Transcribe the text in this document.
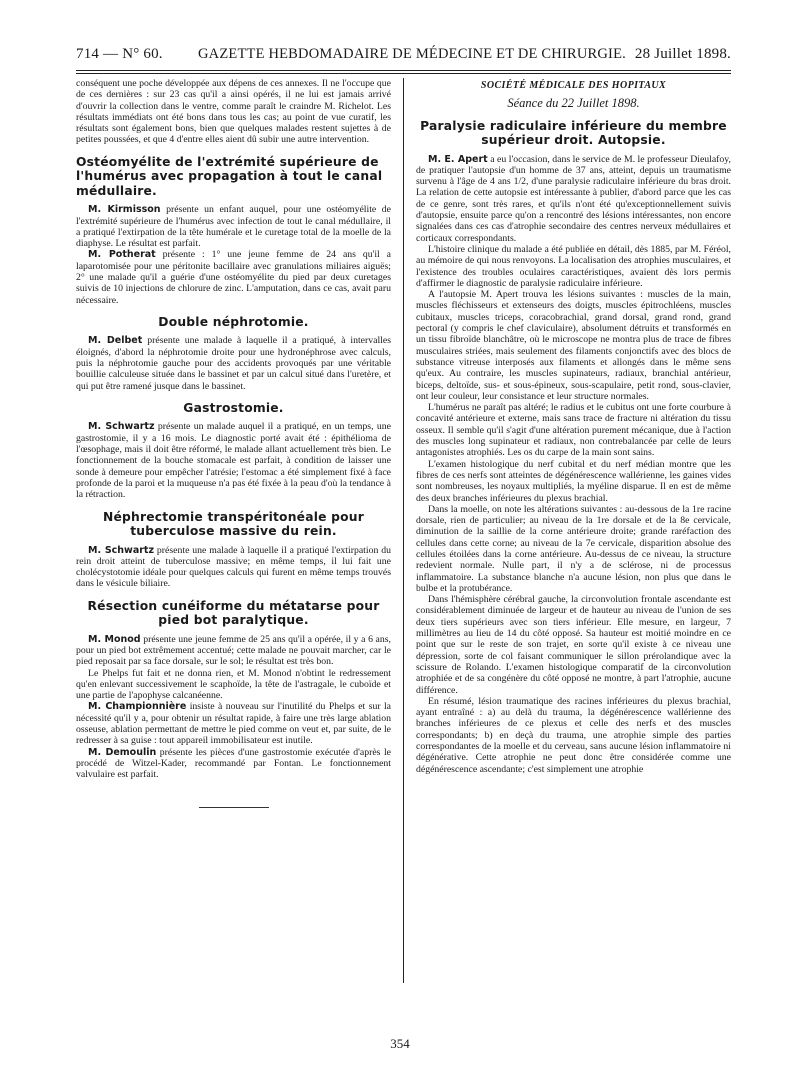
714 — N° 60. GAZETTE HEBDOMADAIRE DE MÉDECINE ET DE CHIRURGIE. 28 Juillet 1898.

conséquent une poche développée aux dépens de ces annexes. Il ne l'occupe que de ces dernières : sur 23 cas qu'il a ainsi opérés, il ne lui est jamais arrivé d'ouvrir la collection dans le ventre, comme paraît le craindre M. Richelot. Les résultats immédiats ont été bons dans tous les cas; au point de vue curatif, les résultats sont également bons, bien que quelques malades restent sujettes à de petites poussées, et que 4 d'entre elles aient dû subir une autre intervention.

Ostéomyélite de l'extrémité supérieure de l'humérus avec propagation à tout le canal médullaire.

M. Kirmisson présente un enfant auquel, pour une ostéomyélite de l'extrémité supérieure de l'humérus avec infection de tout le canal médullaire, il a pratiqué l'extirpation de la tête humérale et le curetage total de la moelle de la diaphyse. Le résultat est parfait.

M. Potherat présente : 1° une jeune femme de 24 ans qu'il a laparotomisée pour une péritonite bacillaire avec granulations miliaires aiguës; 2° une malade qu'il a guérie d'une ostéomyélite du pied par deux curetages suivis de 10 injections de chlorure de zinc. L'amputation, dans ce cas, avait paru nécessaire.

Double néphrotomie.

M. Delbet présente une malade à laquelle il a pratiqué, à intervalles éloignés, d'abord la néphrotomie droite pour une hydronéphrose avec calculs, puis la néphrotomie gauche pour des accidents provoqués par une véritable bouillie calculeuse située dans le bassinet et par un calcul situé dans l'uretère, et qui put être ramené jusque dans le bassinet.

Gastrostomie.

M. Schwartz présente un malade auquel il a pratiqué, en un temps, une gastrostomie, il y a 16 mois. Le diagnostic porté avait été : épithélioma de l'œsophage, mais il doit être réformé, le malade allant actuellement très bien. Le fonctionnement de la bouche stomacale est parfait, à condition de laisser une sonde à demeure pour empêcher l'atrésie; l'estomac a été simplement fixé à face profonde de la paroi et la muqueuse n'a pas été fixée à la peau d'où la tendance à la rétraction.

Néphrectomie transpéritonéale pour tuberculose massive du rein.

M. Schwartz présente une malade à laquelle il a pratiqué l'extirpation du rein droit atteint de tuberculose massive; en même temps, il lui fait une cholécystotomie idéale pour quelques calculs qui furent en même temps trouvés dans le vésicule biliaire.

Résection cunéiforme du métatarse pour pied bot paralytique.

M. Monod présente une jeune femme de 25 ans qu'il a opérée, il y a 6 ans, pour un pied bot extrêmement accentué; cette malade ne pouvait marcher, car le pied reposait par sa face dorsale, sur le sol; le résultat est très bon.

Le Phelps fut fait et ne donna rien, et M. Monod n'obtint le redressement qu'en enlevant successivement le scaphoïde, la tête de l'astragale, le cuboïde et une partie de l'apophyse calcanéenne.

M. Championnière insiste à nouveau sur l'inutilité du Phelps et sur la nécessité qu'il y a, pour obtenir un résultat rapide, à faire une très large ablation osseuse, ablation permettant de mettre le pied comme on veut et, par suite, de le redresser à sa guise : tout appareil immobilisateur est inutile.

M. Demoulin présente les pièces d'une gastrostomie exécutée d'après le procédé de Witzel-Kader, recommandé par Fontan. Le fonctionnement valvulaire est parfait.

SOCIÉTÉ MÉDICALE DES HOPITAUX
Séance du 22 Juillet 1898.
Paralysie radiculaire inférieure du membre supérieur droit. Autopsie.

M. E. Apert a eu l'occasion, dans le service de M. le professeur Dieulafoy, de pratiquer l'autopsie d'un homme de 37 ans, atteint, depuis un traumatisme survenu à l'âge de 4 ans 1/2, d'une paralysie radiculaire inférieure du bras droit. La relation de cette autopsie est intéressante à publier, d'abord parce que les cas de ce genre, sont très rares, et qu'ils n'ont été qu'exceptionnellement suivis d'autopsie, ensuite parce qu'on a rencontré des lésions intéressantes, non encore signalées dans ces cas d'atrophie secondaire des centres nerveux médullaires et corticaux correspondants.

L'histoire clinique du malade a été publiée en détail, dès 1885, par M. Féréol, au mémoire de qui nous renvoyons. La localisation des atrophies musculaires, et l'existence des troubles oculaires caractéristiques, avaient dès lors permis d'affirmer le diagnostic de paralysie radiculaire inférieure.

A l'autopsie M. Apert trouva les lésions suivantes : muscles de la main, muscles fléchisseurs et extenseurs des doigts, muscles épitrochléens, muscles cubitaux, muscles triceps, coracobrachial, grand dorsal, grand rond, grand pectoral (y compris le chef claviculaire), absolument détruits et transformés en un tissu fibroïde blanchâtre, où le microscope ne montra plus de trace de fibres musculaires striées, mais seulement des filaments conjonctifs avec des blocs de substance vitreuse interposés aux filaments et allongés dans le même sens qu'eux. Au contraire, les muscles supinateurs, radiaux, branchial antérieur, biceps, deltoïde, sus- et sous-épineux, sous-scapulaire, petit rond, sous-clavier, ont leur couleur, leur consistance et leur structure normales.

L'humérus ne paraît pas altéré; le radius et le cubitus ont une forte courbure à concavité antérieure et externe, mais sans trace de fracture ni altération du tissu osseux. Il semble qu'il s'agit d'une altération purement mécanique, due à l'action des muscles long supinateur et radiaux, non contrebalancée par celle de leurs antagonistes atrophiés. Les os du carpe de la main sont sains.

L'examen histologique du nerf cubital et du nerf médian montre que les fibres de ces nerfs sont atteintes de dégénérescence wallérienne, les gaines vides sont nombreuses, les noyaux multipliés, la myéline disparue. Il en est de même des deux branches inférieures du plexus brachial.

Dans la moelle, on note les altérations suivantes : au-dessous de la 1re racine dorsale, rien de particulier; au niveau de la 1re dorsale et de la 8e cervicale, diminution de la saillie de la corne antérieure droite; grande raréfaction des cellules dans cette corne; au niveau de la 7e cervicale, disparition absolue des cellules étoilées dans la corne antérieure. Au-dessus de ce niveau, la structure redevient normale. Nulle part, il n'y a de sclérose, ni de processus inflammatoire. La substance blanche n'a aucune lésion, non plus que dans le bulbe et la protubérance.

Dans l'hémisphère cérébral gauche, la circonvolution frontale ascendante est considérablement diminuée de largeur et de hauteur au niveau de l'union de ses deux tiers supérieurs avec son tiers inférieur. Elle mesure, en largeur, 7 millimètres au lieu de 14 du côté opposé. Sa hauteur est moitié moindre en ce point que sur le reste de son trajet, en sorte qu'il existe à ce niveau une dépression, sorte de col faisant communiquer le sillon prérolandique avec la scissure de Rolando. L'examen histologique comparatif de la circonvolution atrophiée et de sa congénère du côté opposé ne montre, à part l'atrophie, aucune différence.

En résumé, lésion traumatique des racines inférieures du plexus brachial, ayant entraîné : a) au delà du trauma, la dégénérescence wallérienne des branches inférieures de ce plexus et celle des nerfs et des muscles correspondants; b) en deçà du trauma, une atrophie simple des parties correspondantes de la moelle et du cerveau, sans aucune lésion inflammatoire ni dégénérative. Cette atrophie ne peut donc être considérée comme une dégénérescence ascendante; c'est simplement une atrophie

354
